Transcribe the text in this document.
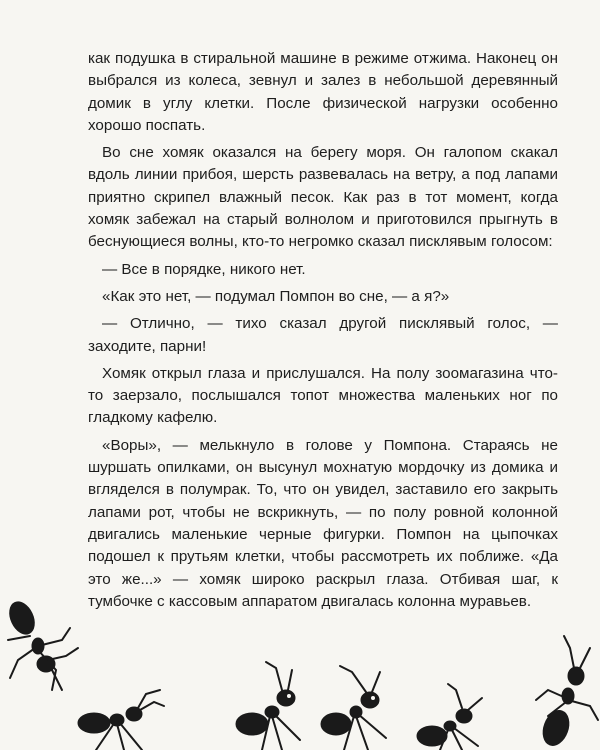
как подушка в стиральной машине в режиме отжима. Наконец он выбрался из колеса, зевнул и залез в небольшой деревянный домик в углу клетки. После физической нагрузки особенно хорошо поспать.

Во сне хомяк оказался на берегу моря. Он галопом скакал вдоль линии прибоя, шерсть развевалась на ветру, а под лапами приятно скрипел влажный песок. Как раз в тот момент, когда хомяк забежал на старый волнолом и приготовился прыгнуть в беснующиеся волны, кто-то негромко сказал писклявым голосом:

— Все в порядке, никого нет.

«Как это нет, — подумал Помпон во сне, — а я?»

— Отлично, — тихо сказал другой писклявый голос, — заходите, парни!

Хомяк открыл глаза и прислушался. На полу зоомагазина что-то заерзало, послышался топот множества маленьких ног по гладкому кафелю.

«Воры», — мелькнуло в голове у Помпона. Стараясь не шуршать опилками, он высунул мохнатую мордочку из домика и вгляделся в полумрак. То, что он увидел, заставило его закрыть лапами рот, чтобы не вскрикнуть, — по полу ровной колонной двигались маленькие черные фигурки. Помпон на цыпочках подошел к прутьям клетки, чтобы рассмотреть их поближе. «Да это же...» — хомяк широко раскрыл глаза. Отбивая шаг, к тумбочке с кассовым аппаратом двигалась колонна муравьев.
